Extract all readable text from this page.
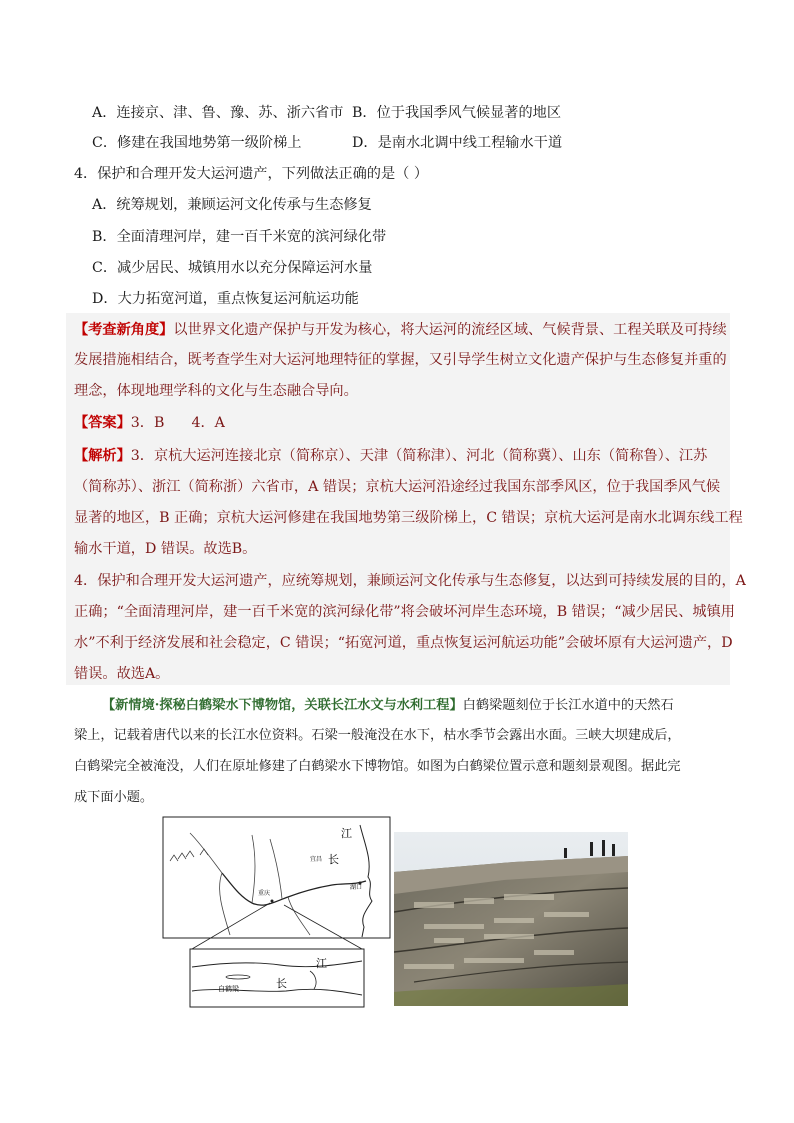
A．连接京、津、鲁、豫、苏、浙六省市 B．位于我国季风气候显著的地区
C．修建在我国地势第一级阶梯上	D．是南水北调中线工程输水干道
4．保护和合理开发大运河遗产，下列做法正确的是（ ）
A．统筹规划，兼顾运河文化传承与生态修复
B．全面清理河岸，建一百千米宽的滨河绿化带
C．减少居民、城镇用水以充分保障运河水量
D．大力拓宽河道，重点恢复运河航运功能
【考查新角度】以世界文化遗产保护与开发为核心，将大运河的流经区域、气候背景、工程关联及可持续
发展措施相结合，既考查学生对大运河地理特征的掌握，又引导学生树立文化遗产保护与生态修复并重的
理念，体现地理学科的文化与生态融合导向。
【答案】3．B      4．A
【解析】3．京杭大运河连接北京（简称京）、天津（简称津）、河北（简称冀）、山东（简称鲁）、江苏
（简称苏）、浙江（简称浙）六省市，A 错误；京杭大运河沿途经过我国东部季风区，位于我国季风气候
显著的地区，B 正确；京杭大运河修建在我国地势第三级阶梯上，C 错误；京杭大运河是南水北调东线工程
输水干道，D 错误。故选B。
4．保护和合理开发大运河遗产，应统筹规划，兼顾运河文化传承与生态修复，以达到可持续发展的目的，A
正确；“全面清理河岸，建一百千米宽的滨河绿化带”将会破坏河岸生态环境，B 错误；“减少居民、城镇用
水”不利于经济发展和社会稳定，C 错误；“拓宽河道，重点恢复运河航运功能”会破坏原有大运河遗产，D
错误。故选A。
【新情境·探秘白鹤梁水下博物馆，关联长江水文与水利工程】白鹤梁题刻位于长江水道中的天然石
梁上，记载着唐代以来的长江水位资料。石梁一般淹没在水下，枯水季节会露出水面。三峡大坝建成后，
白鹤梁完全被淹没，人们在原址修建了白鹤梁水下博物馆。如图为白鹤梁位置示意和题刻景观图。据此完
成下面小题。
江
长
重庆
宜昌
湖口
江
长
白鹤梁
